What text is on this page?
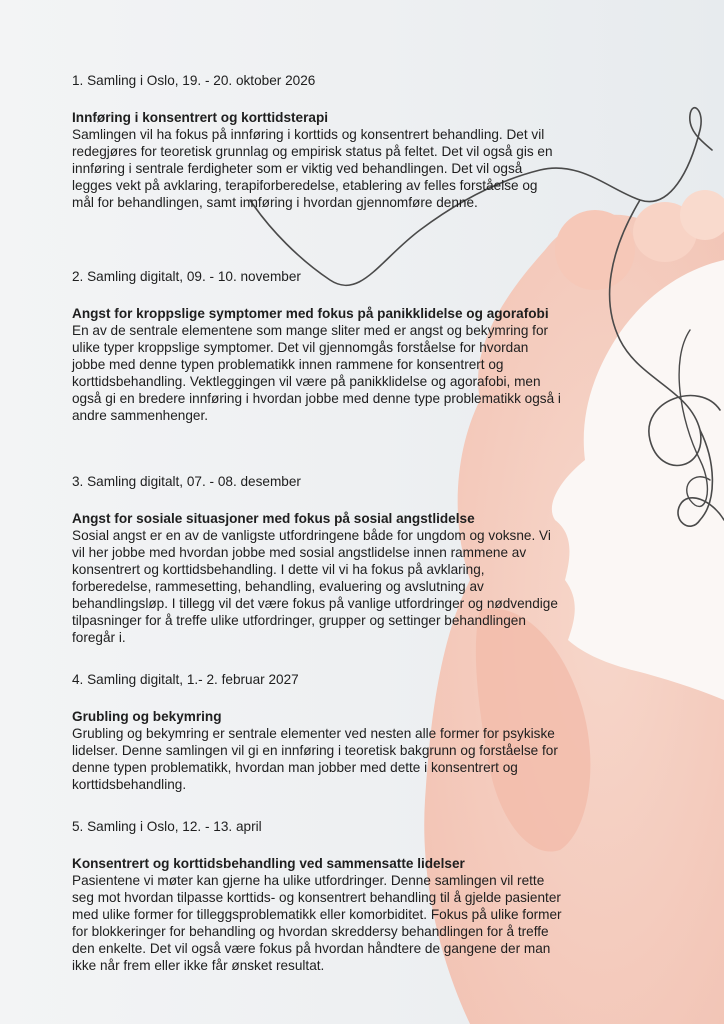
1. Samling i Oslo, 19. - 20. oktober 2026

Innføring i konsentrert og korttidsterapi

Samlingen vil ha fokus på innføring i korttids og konsentrert behandling. Det vil redegjøres for teoretisk grunnlag og empirisk status på feltet. Det vil også gis en innføring i sentrale ferdigheter som er viktig ved behandlingen. Det vil også legges vekt på avklaring, terapiforberedelse, etablering av felles forståelse og mål for behandlingen, samt innføring i hvordan gjennomføre denne.

2. Samling digitalt, 09. - 10. november

Angst for kroppslige symptomer med fokus på panikklidelse og agorafobi

En av de sentrale elementene som mange sliter med er angst og bekymring for ulike typer kroppslige symptomer. Det vil gjennomgås forståelse for hvordan jobbe med denne typen problematikk innen rammene for konsentrert og korttidsbehandling. Vektleggingen vil være på panikklidelse og agorafobi, men også gi en bredere innføring i hvordan jobbe med denne type problematikk også i andre sammenhenger.

3. Samling digitalt, 07. - 08. desember

Angst for sosiale situasjoner med fokus på sosial angstlidelse

Sosial angst er en av de vanligste utfordringene både for ungdom og voksne. Vi vil her jobbe med hvordan jobbe med sosial angstlidelse innen rammene av konsentrert og korttidsbehandling. I dette vil vi ha fokus på avklaring, forberedelse, rammesetting, behandling, evaluering og avslutning av behandlingsløp. I tillegg vil det være fokus på vanlige utfordringer og nødvendige tilpasninger for å treffe ulike utfordringer, grupper og settinger behandlingen foregår i.

4. Samling digitalt, 1.- 2. februar 2027

Grubling og bekymring

Grubling og bekymring er sentrale elementer ved nesten alle former for psykiske lidelser. Denne samlingen vil gi en innføring i teoretisk bakgrunn og forståelse for denne typen problematikk, hvordan man jobber med dette i konsentrert og korttidsbehandling.

5. Samling i Oslo, 12. - 13. april

Konsentrert og korttidsbehandling ved sammensatte lidelser

Pasientene vi møter kan gjerne ha ulike utfordringer. Denne samlingen vil rette seg mot hvordan tilpasse korttids- og konsentrert behandling til å gjelde pasienter med ulike former for tilleggsproblematikk eller komorbiditet. Fokus på ulike former for blokkeringer for behandling og hvordan skreddersy behandlingen for å treffe den enkelte. Det vil også være fokus på hvordan håndtere de gangene der man ikke når frem eller ikke får ønsket resultat.
